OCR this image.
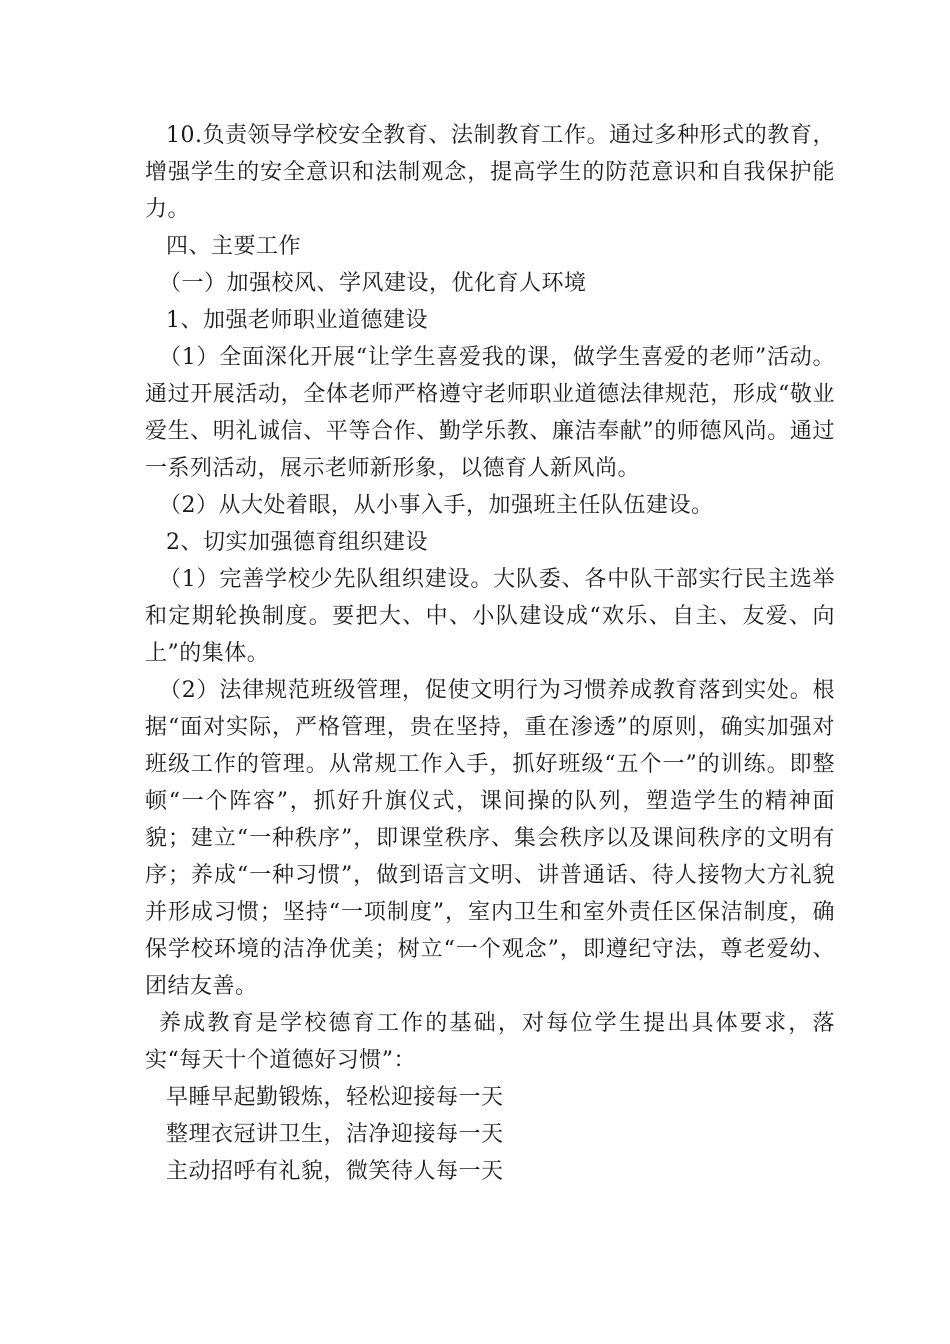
10.负责领导学校安全教育、法制教育工作。通过多种形式的教育，增强学生的安全意识和法制观念，提高学生的防范意识和自我保护能力。

四、主要工作

（一）加强校风、学风建设，优化育人环境

1、加强老师职业道德建设

（1）全面深化开展“让学生喜爱我的课，做学生喜爱的老师”活动。通过开展活动，全体老师严格遵守老师职业道德法律规范，形成“敬业爱生、明礼诚信、平等合作、勤学乐教、廉洁奉献”的师德风尚。通过一系列活动，展示老师新形象，以德育人新风尚。

（2）从大处着眼，从小事入手，加强班主任队伍建设。

2、切实加强德育组织建设

（1）完善学校少先队组织建设。大队委、各中队干部实行民主选举和定期轮换制度。要把大、中、小队建设成“欢乐、自主、友爱、向上”的集体。

（2）法律规范班级管理，促使文明行为习惯养成教育落到实处。根据“面对实际，严格管理，贵在坚持，重在渗透”的原则，确实加强对班级工作的管理。从常规工作入手，抓好班级“五个一”的训练。即整顿“一个阵容”，抓好升旗仪式，课间操的队列，塑造学生的精神面貌；建立“一种秩序”，即课堂秩序、集会秩序以及课间秩序的文明有序；养成“一种习惯”，做到语言文明、讲普通话、待人接物大方礼貌并形成习惯；坚持“一项制度”，室内卫生和室外责任区保洁制度，确保学校环境的洁净优美；树立“一个观念”，即遵纪守法，尊老爱幼、团结友善。

养成教育是学校德育工作的基础，对每位学生提出具体要求，落实“每天十个道德好习惯”：

早睡早起勤锻炼，轻松迎接每一天

整理衣冠讲卫生，洁净迎接每一天

主动招呼有礼貌，微笑待人每一天
